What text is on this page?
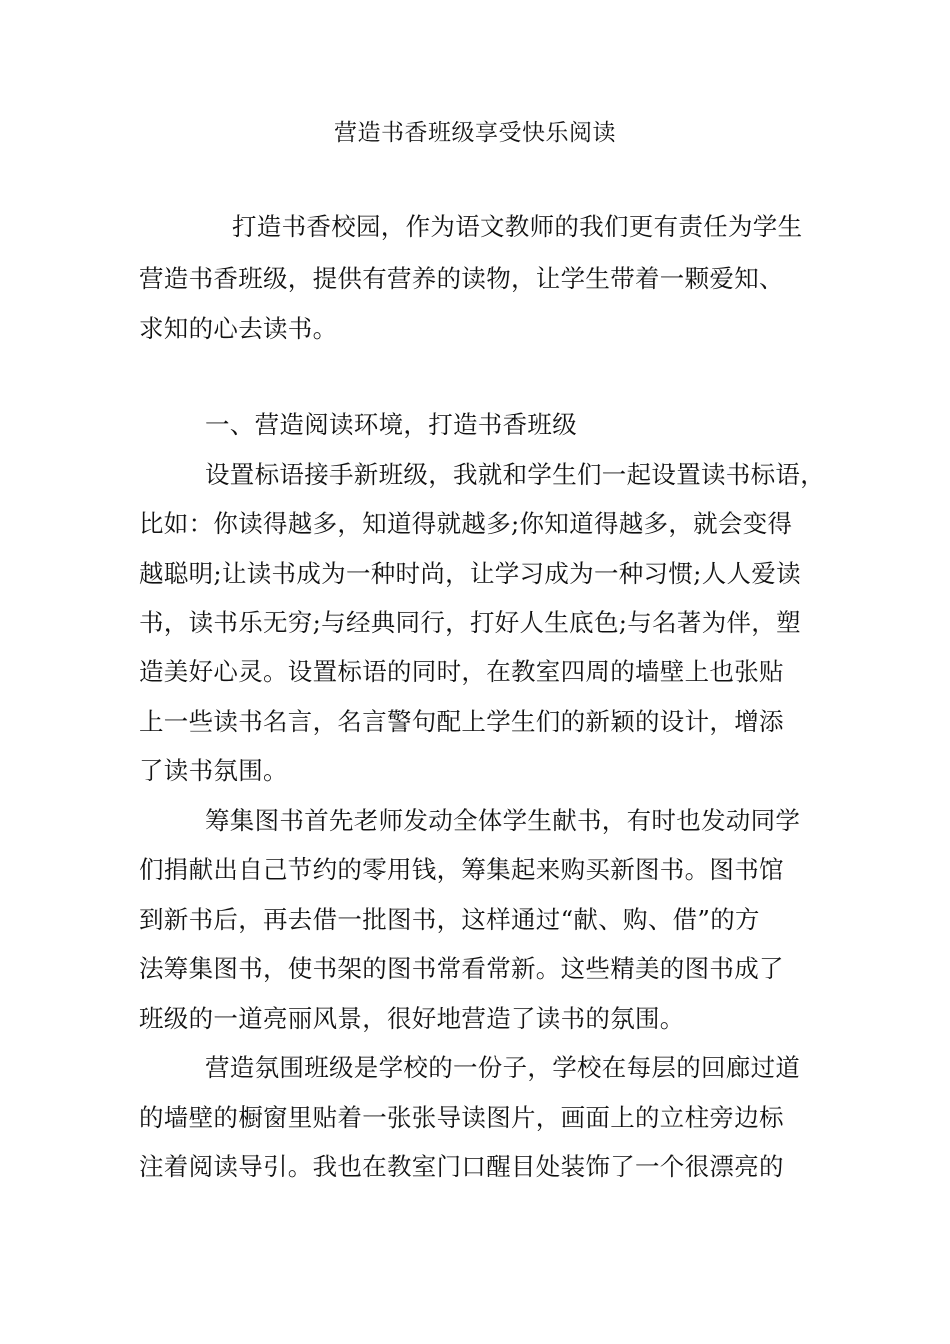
营造书香班级享受快乐阅读
打造书香校园，作为语文教师的我们更有责任为学生
营造书香班级，提供有营养的读物，让学生带着一颗爱知、
求知的心去读书。
一、营造阅读环境，打造书香班级
设置标语接手新班级，我就和学生们一起设置读书标语，
比如：你读得越多，知道得就越多;你知道得越多，就会变得
越聪明;让读书成为一种时尚，让学习成为一种习惯;人人爱读
书，读书乐无穷;与经典同行，打好人生底色;与名著为伴，塑
造美好心灵。设置标语的同时，在教室四周的墙壁上也张贴
上一些读书名言，名言警句配上学生们的新颖的设计，增添
了读书氛围。
筹集图书首先老师发动全体学生献书，有时也发动同学
们捐献出自己节约的零用钱，筹集起来购买新图书。图书馆
到新书后，再去借一批图书，这样通过“献、购、借”的方
法筹集图书，使书架的图书常看常新。这些精美的图书成了
班级的一道亮丽风景，很好地营造了读书的氛围。
营造氛围班级是学校的一份子，学校在每层的回廊过道
的墙壁的橱窗里贴着一张张导读图片，画面上的立柱旁边标
注着阅读导引。我也在教室门口醒目处装饰了一个很漂亮的
